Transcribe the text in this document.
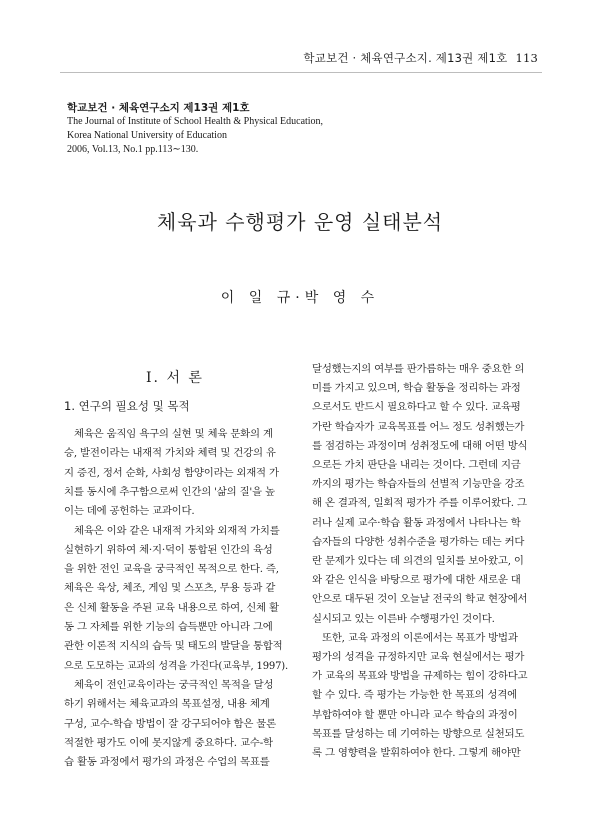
학교보건 · 체육연구소지. 제13권 제1호 113
학교보건 · 체육연구소지 제13권 제1호
The Journal of Institute of School Health & Physical Education,
Korea National University of Education
2006, Vol.13, No.1 pp.113∼130.
체육과 수행평가 운영 실태분석
이 일 규·박 영 수
Ⅰ. 서 론
1. 연구의 필요성 및 목적
체육은 움직임 욕구의 실현 및 체육 문화의 계
승, 발전이라는 내재적 가치와 체력 및 건강의 유
지 증진, 정서 순화, 사회성 함양이라는 외재적 가
치를 동시에 추구함으로써 인간의 '삶의 질'을 높
이는 데에 공헌하는 교과이다.
체육은 이와 같은 내재적 가치와 외재적 가치를
실현하기 위하여 체·지·덕이 통합된 인간의 육성
을 위한 전인 교육을 궁극적인 목적으로 한다. 즉,
체육은 육상, 체조, 게임 및 스포츠, 무용 등과 같
은 신체 활동을 주된 교육 내용으로 하여, 신체 활
동 그 자체를 위한 기능의 습득뿐만 아니라 그에
관한 이론적 지식의 습득 및 태도의 발달을 통합적
으로 도모하는 교과의 성격을 가진다(교육부, 1997).
체육이 전인교육이라는 궁극적인 목적을 달성
하기 위해서는 체육교과의 목표설정, 내용 체계
구성, 교수-학습 방법이 잘 강구되어야 함은 물론
적절한 평가도 이에 못지않게 중요하다. 교수-학
습 활동 과정에서 평가의 과정은 수업의 목표를
달성했는지의 여부를 판가름하는 매우 중요한 의
미를 가지고 있으며, 학습 활동을 정리하는 과정
으로서도 반드시 필요하다고 할 수 있다. 교육평
가란 학습자가 교육목표를 어느 정도 성취했는가
를 점검하는 과정이며 성취정도에 대해 어떤 방식
으로든 가치 판단을 내리는 것이다. 그런데 지금
까지의 평가는 학습자들의 선별적 기능만을 강조
해 온 결과적, 일회적 평가가 주를 이루어왔다. 그
러나 실제 교수·학습 활동 과정에서 나타나는 학
습자들의 다양한 성취수준을 평가하는 데는 커다
란 문제가 있다는 데 의견의 일치를 보아왔고, 이
와 같은 인식을 바탕으로 평가에 대한 새로운 대
안으로 대두된 것이 오늘날 전국의 학교 현장에서
실시되고 있는 이른바 수행평가인 것이다.
또한, 교육 과정의 이론에서는 목표가 방법과
평가의 성격을 규정하지만 교육 현실에서는 평가
가 교육의 목표와 방법을 규제하는 힘이 강하다고
할 수 있다. 즉 평가는 가능한 한 목표의 성격에
부합하여야 할 뿐만 아니라 교수 학습의 과정이
목표를 달성하는 데 기여하는 방향으로 실천되도
록 그 영향력을 발휘하여야 한다. 그렇게 해야만
